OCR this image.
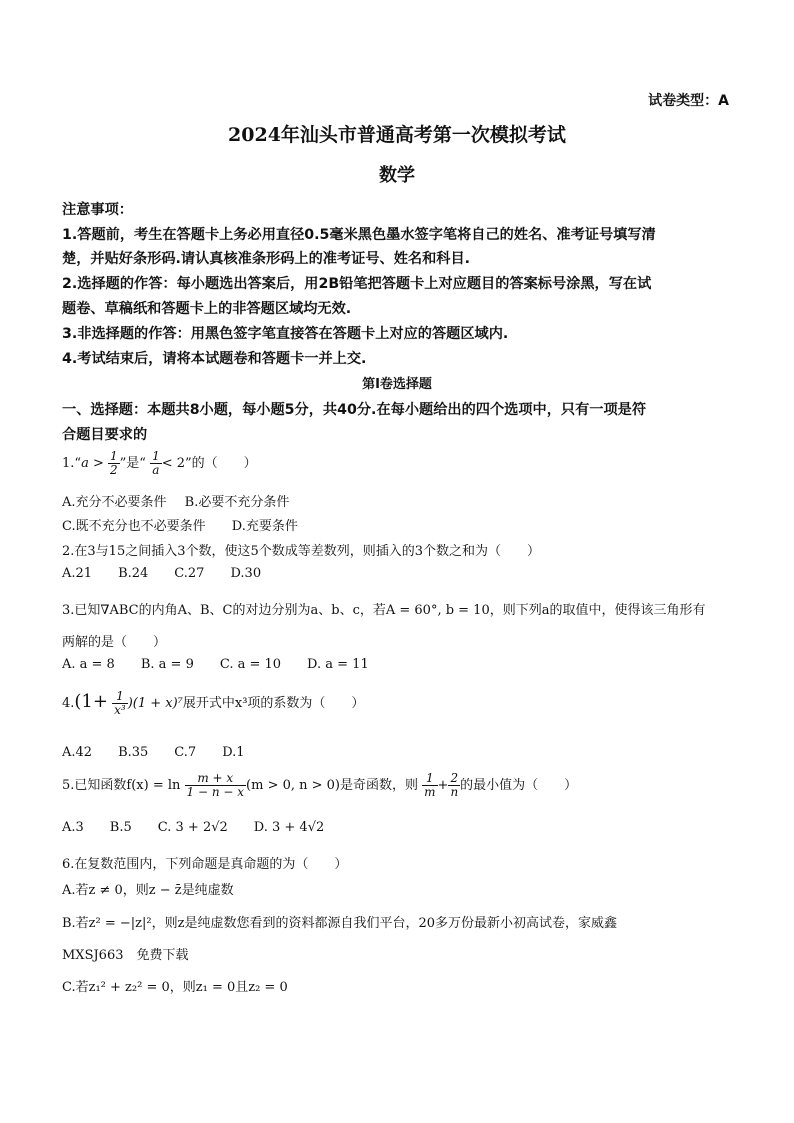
试卷类型：A
2024年汕头市普通高考第一次模拟考试
数学
注意事项：
1.答题前，考生在答题卡上务必用直径0.5毫米黑色墨水签字笔将自己的姓名、准考证号填写清
楚，并贴好条形码.请认真核准条形码上的准考证号、姓名和科目.
2.选择题的作答：每小题选出答案后，用2B铅笔把答题卡上对应题目的答案标号涂黑，写在试
题卷、草稿纸和答题卡上的非答题区域均无效.
3.非选择题的作答：用黑色签字笔直接答在答题卡上对应的答题区域内.
4.考试结束后，请将本试题卷和答题卡一并上交.
第I卷选择题
一、选择题：本题共8小题，每小题5分，共40分.在每小题给出的四个选项中，只有一项是符
合题目要求的
1.“a > $\frac{1}{2}$ ”是“ $\frac{1}{a} < 2$”的（　　）
A.充分不必要条件 B.必要不充分条件
C.既不充分也不必要条件 D.充要条件
2.在3与15之间插入3个数，使这5个数成等差数列，则插入的3个数之和为（　　）
A.21 B.24 C.27 D.30
3.已知∇ABC的内角A、B、C的对边分别为a、b、c，若A = 60°, b = 10，则下列a的取值中，使得该三角形有
两解的是（　　）
A. a = 8 B. a = 9 C. a = 10 D. a = 11
$4.(1+ \frac{1}{\text{x³}} )(1 + x)^7$展开式中x³项的系数为（　　）
A.42 B.35 C.7 D.1
5.已知函数$f(x) = \ln \frac{m + x}{1 - n - x} (m > 0$, n > 0)是奇函数，则 $\frac{1}{m} + \frac{2}{n}$ 的最小值为（　　）
A.3 B.5 C. 3 + 2√2 D. 3 + 4√2
6.在复数范围内，下列命题是真命题的为（　　）
A.若z ≠ 0，则z − z̄是纯虚数
B.若z² = −|z|²，则z是纯虚数您看到的资料都源自我们平台，20多万份最新小初高试卷，家威鑫
MXSJ663　免费下载
C.若z₁² + z₂² = 0，则z₁ = 0且z₂ = 0
